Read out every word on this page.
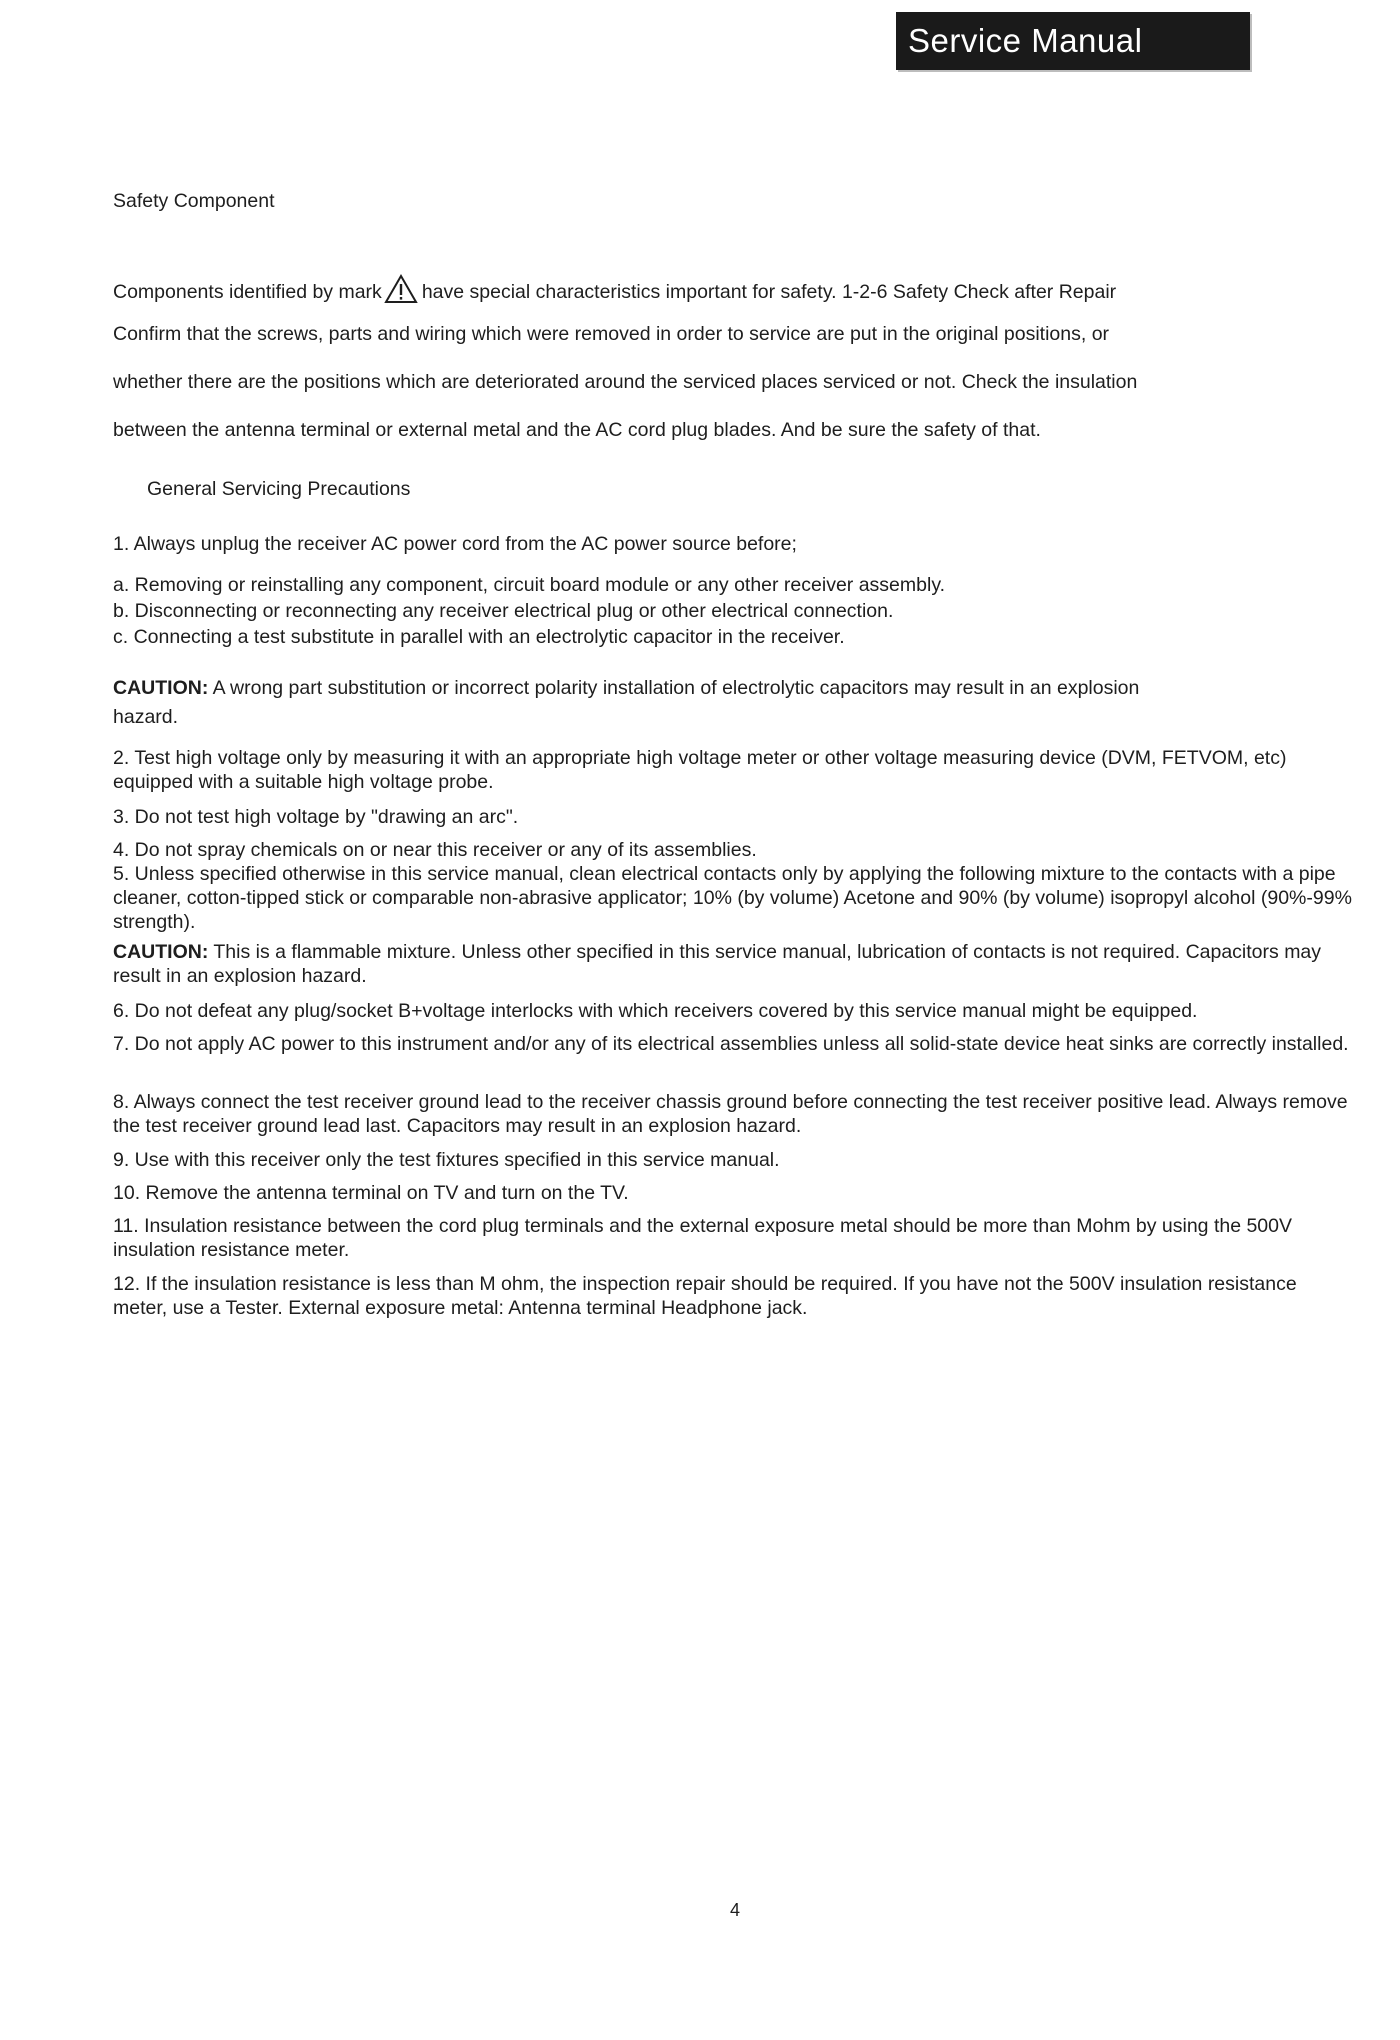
Service Manual
Safety Component
Components identified by mark have special characteristics important for safety. 1-2-6 Safety Check after Repair
Confirm that the screws, parts and wiring which were removed in order to service are put in the original positions, or
whether there are the positions which are deteriorated around the serviced places serviced or not. Check the insulation
between the antenna terminal or external metal and the AC cord plug blades. And be sure the safety of that.
General Servicing Precautions
1. Always unplug the receiver AC power cord from the AC power source before;
a. Removing or reinstalling any component, circuit board module or any other receiver assembly.
b. Disconnecting or reconnecting any receiver electrical plug or other electrical connection.
c. Connecting a test substitute in parallel with an electrolytic capacitor in the receiver.
CAUTION: A wrong part substitution or incorrect polarity installation of electrolytic capacitors may result in an explosion
hazard.
2. Test high voltage only by measuring it with an appropriate high voltage meter or other voltage measuring device (DVM, FETVOM, etc) equipped with a suitable high voltage probe.
3. Do not test high voltage by "drawing an arc".
4. Do not spray chemicals on or near this receiver or any of its assemblies.
5. Unless specified otherwise in this service manual, clean electrical contacts only by applying the following mixture to the contacts with a pipe cleaner, cotton-tipped stick or comparable non-abrasive applicator; 10% (by volume) Acetone and 90% (by volume) isopropyl alcohol (90%-99% strength).
CAUTION: This is a flammable mixture. Unless other specified in this service manual, lubrication of contacts is not required. Capacitors may result in an explosion hazard.
6. Do not defeat any plug/socket B+voltage interlocks with which receivers covered by this service manual might be equipped.
7. Do not apply AC power to this instrument and/or any of its electrical assemblies unless all solid-state device heat sinks are correctly installed.
8. Always connect the test receiver ground lead to the receiver chassis ground before connecting the test receiver positive lead. Always remove the test receiver ground lead last. Capacitors may result in an explosion hazard.
9. Use with this receiver only the test fixtures specified in this service manual.
10. Remove the antenna terminal on TV and turn on the TV.
11. Insulation resistance between the cord plug terminals and the external exposure metal should be more than Mohm by using the 500V insulation resistance meter.
12. If the insulation resistance is less than M ohm, the inspection repair should be required. If you have not the 500V insulation resistance meter, use a Tester. External exposure metal: Antenna terminal Headphone jack.
4
